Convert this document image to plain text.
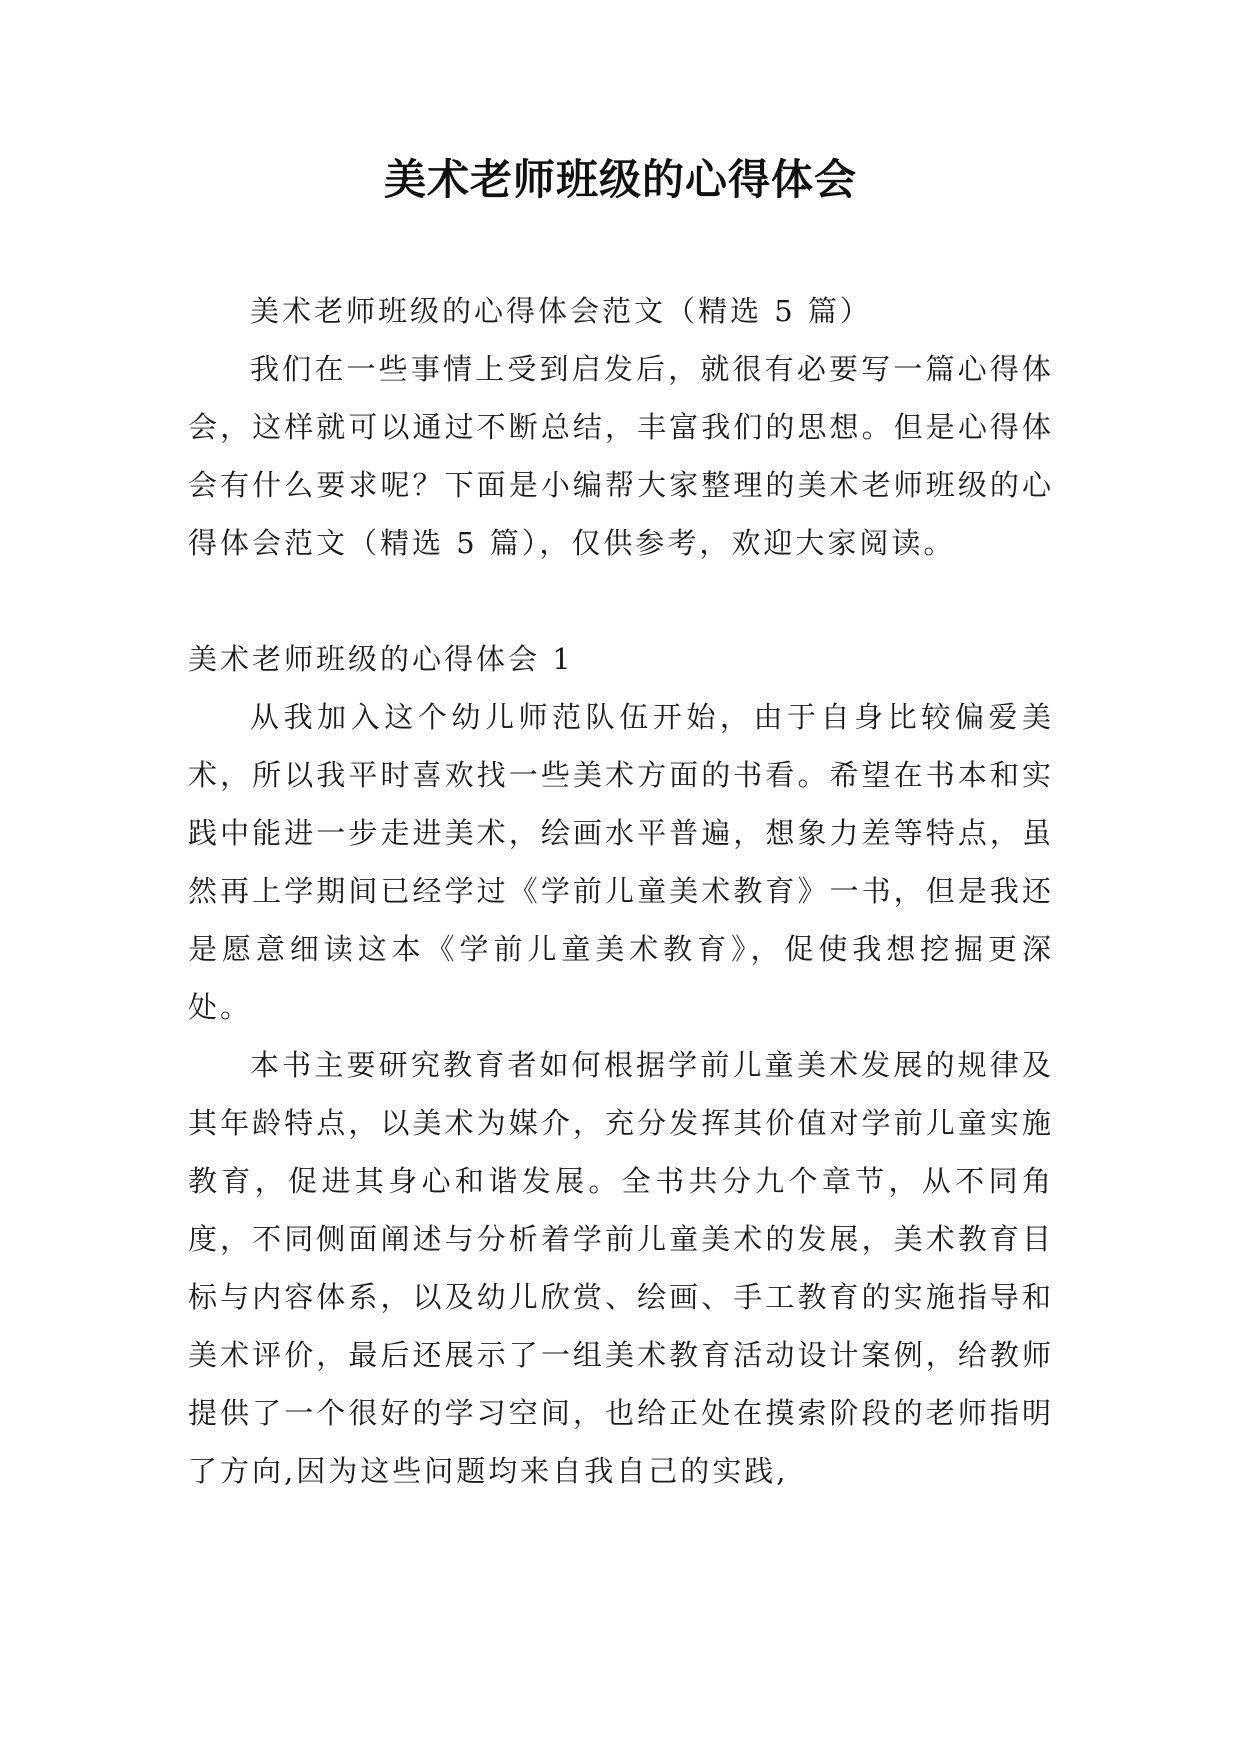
美术老师班级的心得体会

美术老师班级的心得体会范文（精选 5 篇）

我们在一些事情上受到启发后，就很有必要写一篇心得体会，这样就可以通过不断总结，丰富我们的思想。但是心得体会有什么要求呢？下面是小编帮大家整理的美术老师班级的心得体会范文（精选 5 篇），仅供参考，欢迎大家阅读。

美术老师班级的心得体会 1

从我加入这个幼儿师范队伍开始，由于自身比较偏爱美术，所以我平时喜欢找一些美术方面的书看。希望在书本和实践中能进一步走进美术，绘画水平普遍，想象力差等特点，虽然再上学期间已经学过《学前儿童美术教育》一书，但是我还是愿意细读这本《学前儿童美术教育》，促使我想挖掘更深处。

本书主要研究教育者如何根据学前儿童美术发展的规律及其年龄特点，以美术为媒介，充分发挥其价值对学前儿童实施教育，促进其身心和谐发展。全书共分九个章节，从不同角度，不同侧面阐述与分析着学前儿童美术的发展，美术教育目标与内容体系，以及幼儿欣赏、绘画、手工教育的实施指导和美术评价，最后还展示了一组美术教育活动设计案例，给教师提供了一个很好的学习空间，也给正处在摸索阶段的老师指明了方向,因为这些问题均来自我自己的实践,
